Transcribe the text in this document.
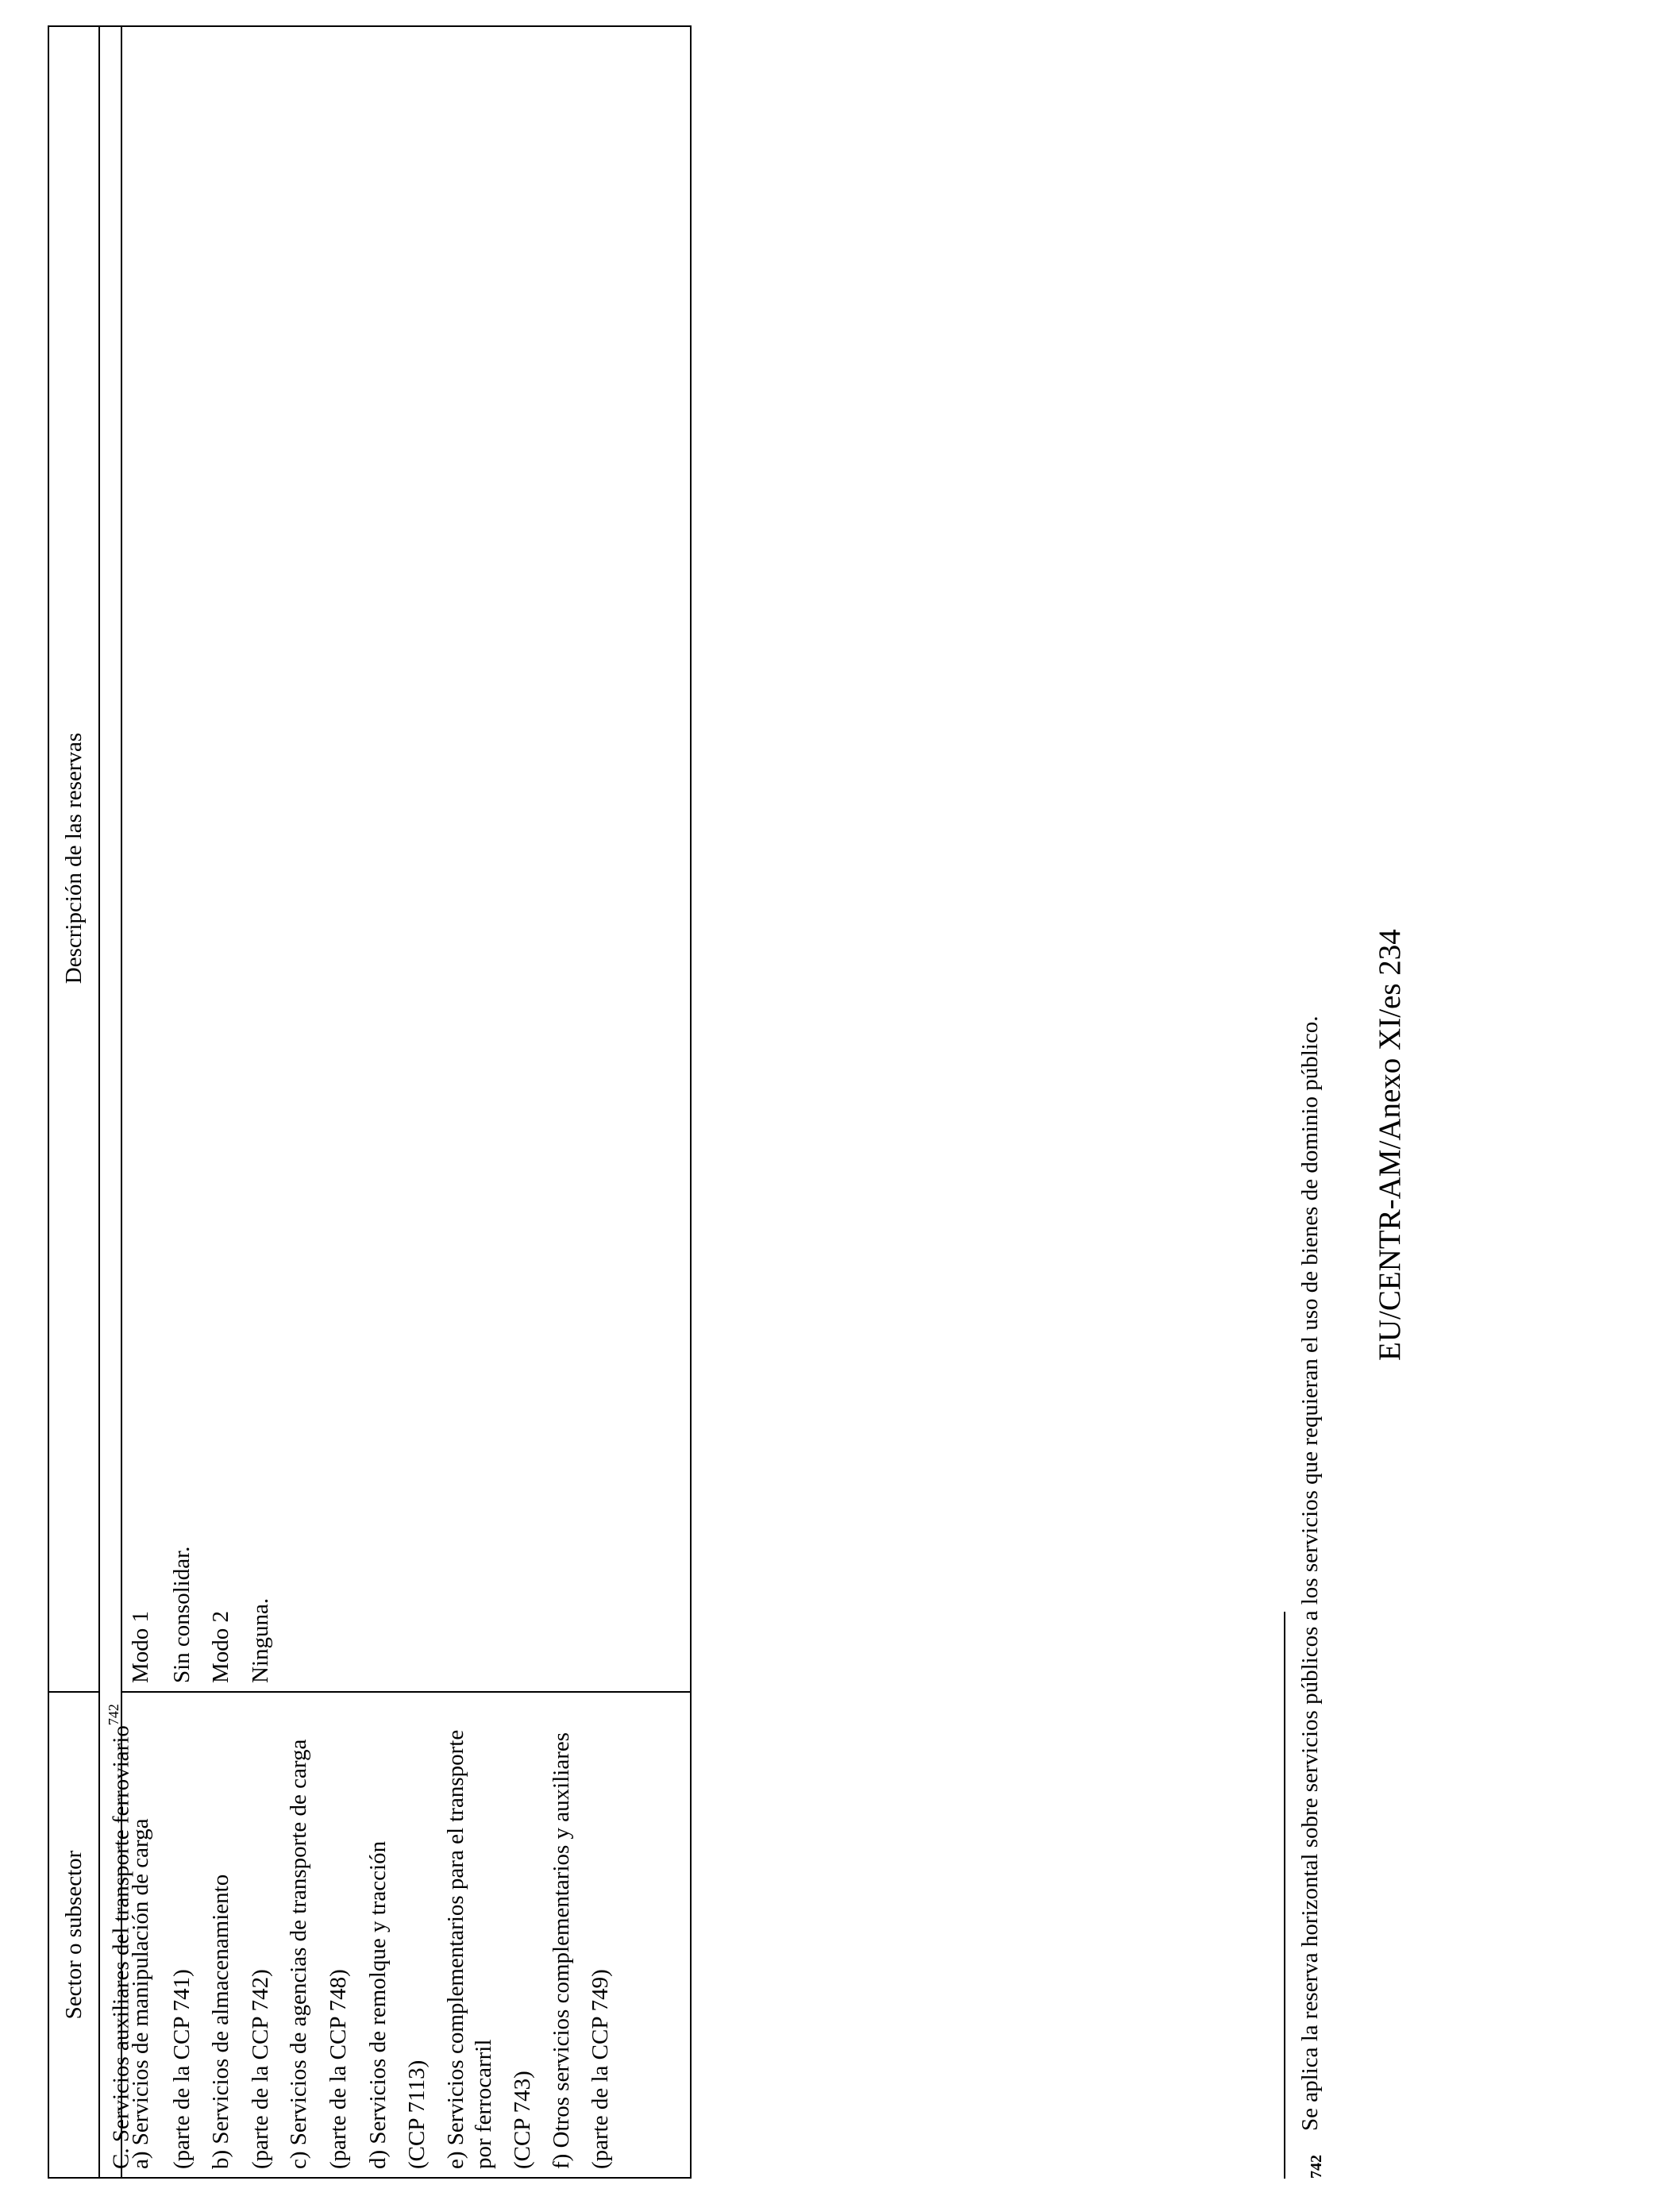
Sector o subsector
Descripción de las reservas
C. Servicios auxiliares del transporte ferroviario$^{742}$
a) Servicios de manipulación de carga (parte de la CCP 741) b) Servicios de almacenamiento (parte de la CCP 742) c) Servicios de agencias de transporte de carga (parte de la CCP 748) d) Servicios de remolque y tracción (CCP 7113) e) Servicios complementarios para el transporte por ferrocarril (CCP 743) f) Otros servicios complementarios y auxiliares (parte de la CCP 749)
Modo 1 Sin consolidar. Modo 2 Ninguna.
742
Se aplica la reserva horizontal sobre servicios públicos a los servicios que requieran el uso de bienes de dominio público. EU/CENTR-AM/Anexo XI/es 234
